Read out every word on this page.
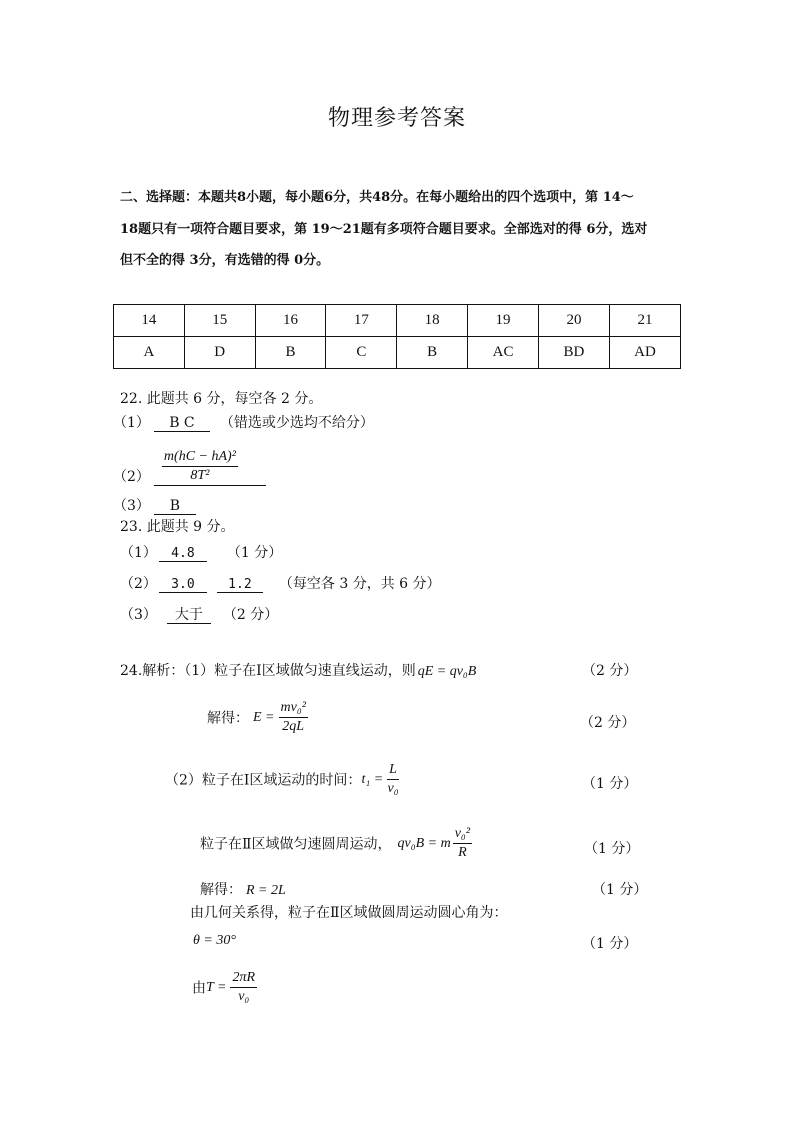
物理参考答案
二、选择题：本题共8小题，每小题6分，共48分。在每小题给出的四个选项中，第 14～
18题只有一项符合题目要求，第 19～21题有多项符合题目要求。全部选对的得 6分，选对
但不全的得 3分，有选错的得 0分。
14	15	16	17	18	19	20	21
A	D	B	C	B	AC	BD	AD
22. 此题共 6 分，每空各 2 分。
（1） B C （错选或少选均不给分）
$(2) \frac{\text{m(hC − hA)²}}{\text{8T²}}$
（3） B
23. 此题共 9 分。
（1） 4.8 （1 分）
（2） 3.0	1.2 （每空各 3 分，共 6 分）
（3） 大于 （2 分）
24.解析：（1）粒子在Ⅰ区域做匀速直线运动，则 qE = qv₀B	（2 分）
解得： $E = \frac{\text{mv₀²}}{2qL}$	（2 分）
（2）粒子在Ⅰ区域运动的时间：$t_1 = \frac{L}{\text{v₀}}$	（1 分）
粒子在Ⅱ区域做匀速圆周运动， qv₀B = m $\frac{\text{v₀²}}{R}$	（1 分）
解得： R = 2L	（1 分）
由几何关系得，粒子在Ⅱ区域做圆周运动圆心角为：
θ = 30°	（1 分）
由$T = \frac{2\pi R}{\text{v₀}}$
